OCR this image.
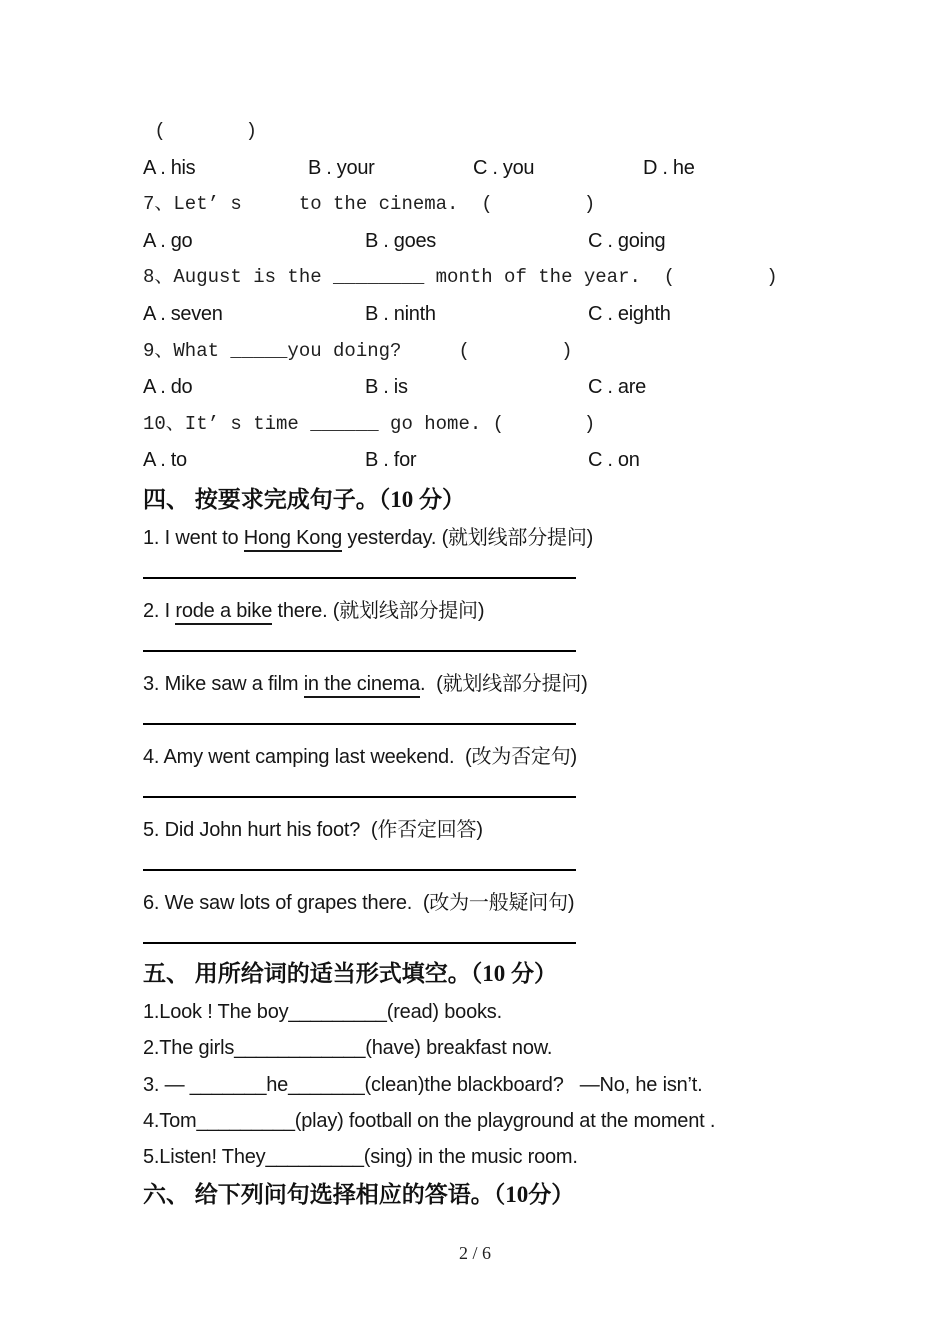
(       )
A . his	B . your	C . you	D . he
7、Let’ s     to the cinema.  (        )
A . go	B . goes	C . going
8、August is the ________ month of the year.  (        )
A . seven	B . ninth	C . eighth
9、What _____you doing?     (        )
A . do	B . is	C . are
10、It’ s time ______ go home. (       )
A . to	B . for	C . on
四、 按要求完成句子。（10 分）
1. I went to Hong Kong yesterday. (就划线部分提问)
2. I rode a bike there. (就划线部分提问)
3. Mike saw a film in the cinema.  (就划线部分提问)
4. Amy went camping last weekend.  (改为否定句)
5. Did John hurt his foot?  (作否定回答)
6. We saw lots of grapes there.  (改为一般疑问句)
五、 用所给词的适当形式填空。（10 分）
1.Look ! The boy_________(read) books.
2.The girls____________(have) breakfast now.
3. — _______he_______(clean)the blackboard?   —No, he isn’t.
4.Tom_________(play) football on the playground at the moment .
5.Listen! They_________(sing) in the music room.
六、 给下列问句选择相应的答语。（10分）
2 / 6
